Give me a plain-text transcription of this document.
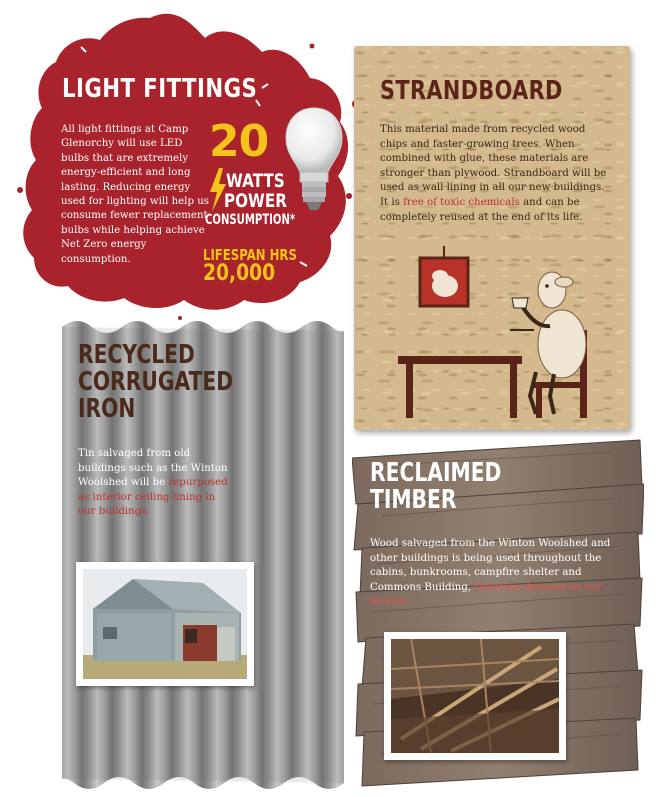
LIGHT FITTINGS
All light fittings at Camp Glenorchy will use LED bulbs that are extremely energy-efficient and long lasting. Reducing energy used for lighting will help us consume fewer replacement bulbs while helping achieve Net Zero energy consumption.
20
WATTS
POWER
CONSUMPTION*
LIFESPAN HRS
20,000
STRANDBOARD
This material made from recycled wood chips and faster-growing trees. When combined with glue, these materials are stronger than plywood. Strandboard will be used as wall lining in all our new buildings. It is free of toxic chemicals and can be completely reused at the end of its life.
RECYCLED
CORRUGATED
IRON
Tin salvaged from old buildings such as the Winton Woolshed will be repurposed as interior ceiling lining in our buildings.
RECLAIMED
TIMBER
Wood salvaged from the Winton Woolshed and other buildings is being used throughout the cabins, bunkrooms, campfire shelter and Commons Building, reducing demand on our forests.
